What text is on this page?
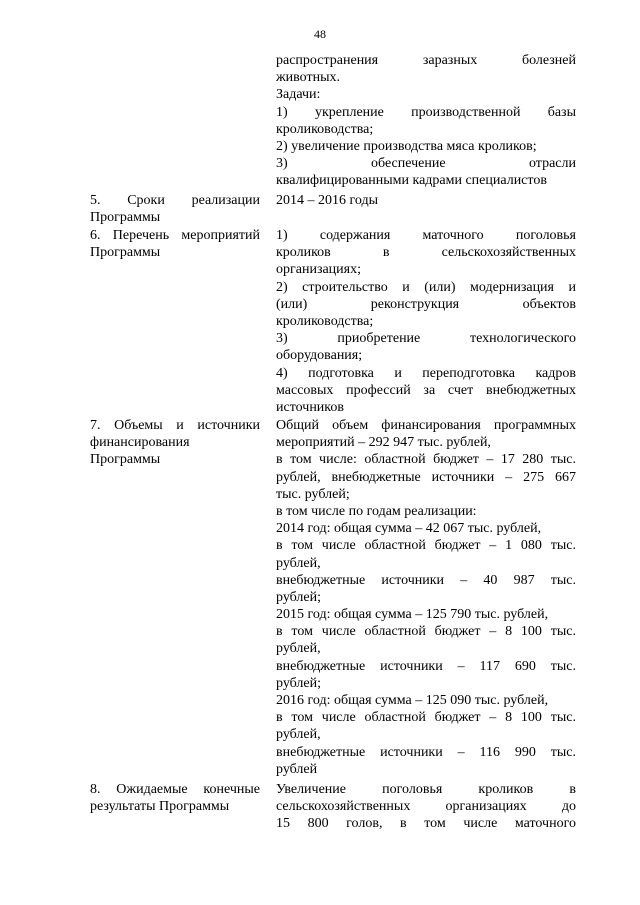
48
распространения заразных болезней
животных.
Задачи:
1) укрепление производственной базы
кролиководства;
2) увеличение производства мяса кроликов;
3) обеспечение отрасли
квалифицированными кадрами специалистов
5. Сроки реализации
Программы
2014 – 2016 годы
6. Перечень мероприятий
Программы
1) содержания маточного поголовья
кроликов в сельскохозяйственных
организациях;
2) строительство и (или) модернизация и
(или) реконструкция объектов
кролиководства;
3) приобретение технологического
оборудования;
4) подготовка и переподготовка кадров
массовых профессий за счет внебюджетных
источников
7. Объемы и источники
финансирования
Программы
Общий объем финансирования программных
мероприятий – 292 947 тыс. рублей,
в том числе: областной бюджет – 17 280 тыс.
рублей, внебюджетные источники – 275 667
тыс. рублей;
в том числе по годам реализации:
2014 год: общая сумма – 42 067 тыс. рублей,
в том числе областной бюджет – 1 080 тыс.
рублей,
внебюджетные источники – 40 987 тыс.
рублей;
2015 год: общая сумма – 125 790 тыс. рублей,
в том числе областной бюджет – 8 100 тыс.
рублей,
внебюджетные источники – 117 690 тыс.
рублей;
2016 год: общая сумма – 125 090 тыс. рублей,
в том числе областной бюджет – 8 100 тыс.
рублей,
внебюджетные источники – 116 990 тыс.
рублей
8. Ожидаемые конечные
результаты Программы
Увеличение поголовья кроликов в
сельскохозяйственных организациях до
15 800 голов, в том числе маточного
